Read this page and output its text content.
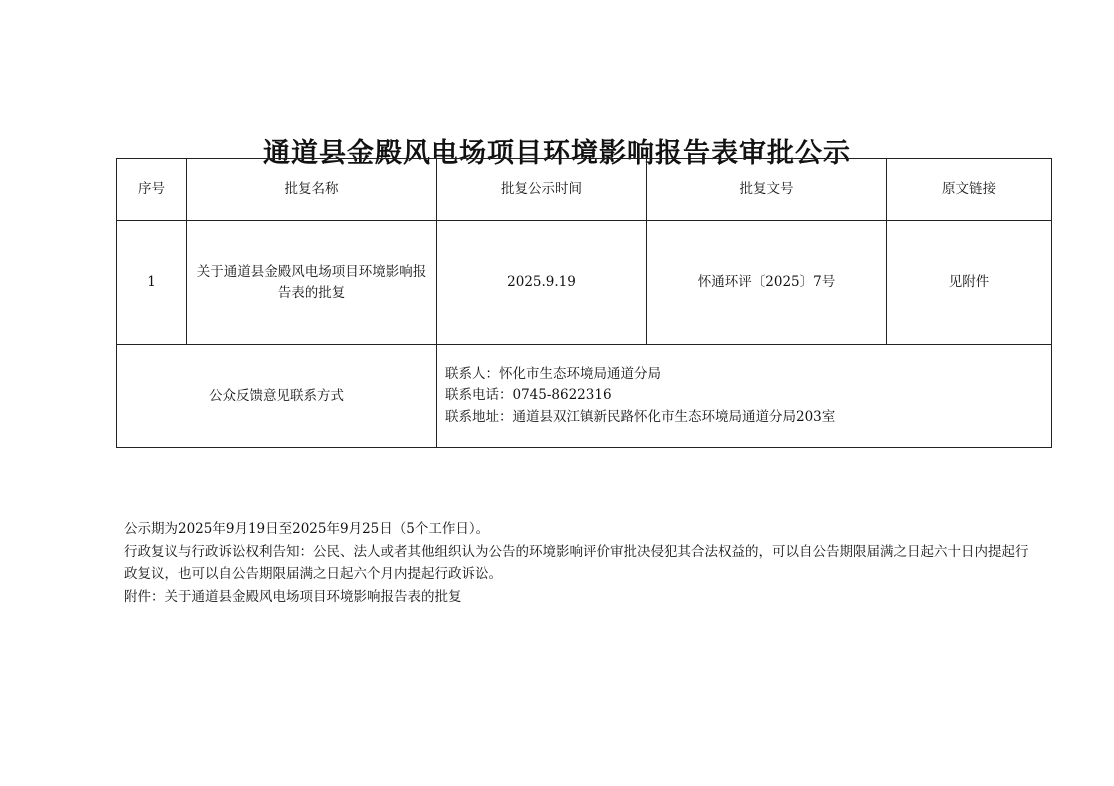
通道县金殿风电场项目环境影响报告表审批公示
序号	批复名称	批复公示时间	批复文号	原文链接
1	关于通道县金殿风电场项目环境影响报告表的批复	2025.9.19	怀通环评〔2025〕7号	见附件
公众反馈意见联系方式		联系人：怀化市生态环境局通道分局
联系电话：0745-8622316
联系地址：通道县双江镇新民路怀化市生态环境局通道分局203室		

公示期为2025年9月19日至2025年9月25日（5个工作日）。

行政复议与行政诉讼权利告知：公民、法人或者其他组织认为公告的环境影响评价审批决侵犯其合法权益的，可以自公告期限届满之日起六十日内提起行政复议，也可以自公告期限届满之日起六个月内提起行政诉讼。

附件：关于通道县金殿风电场项目环境影响报告表的批复
